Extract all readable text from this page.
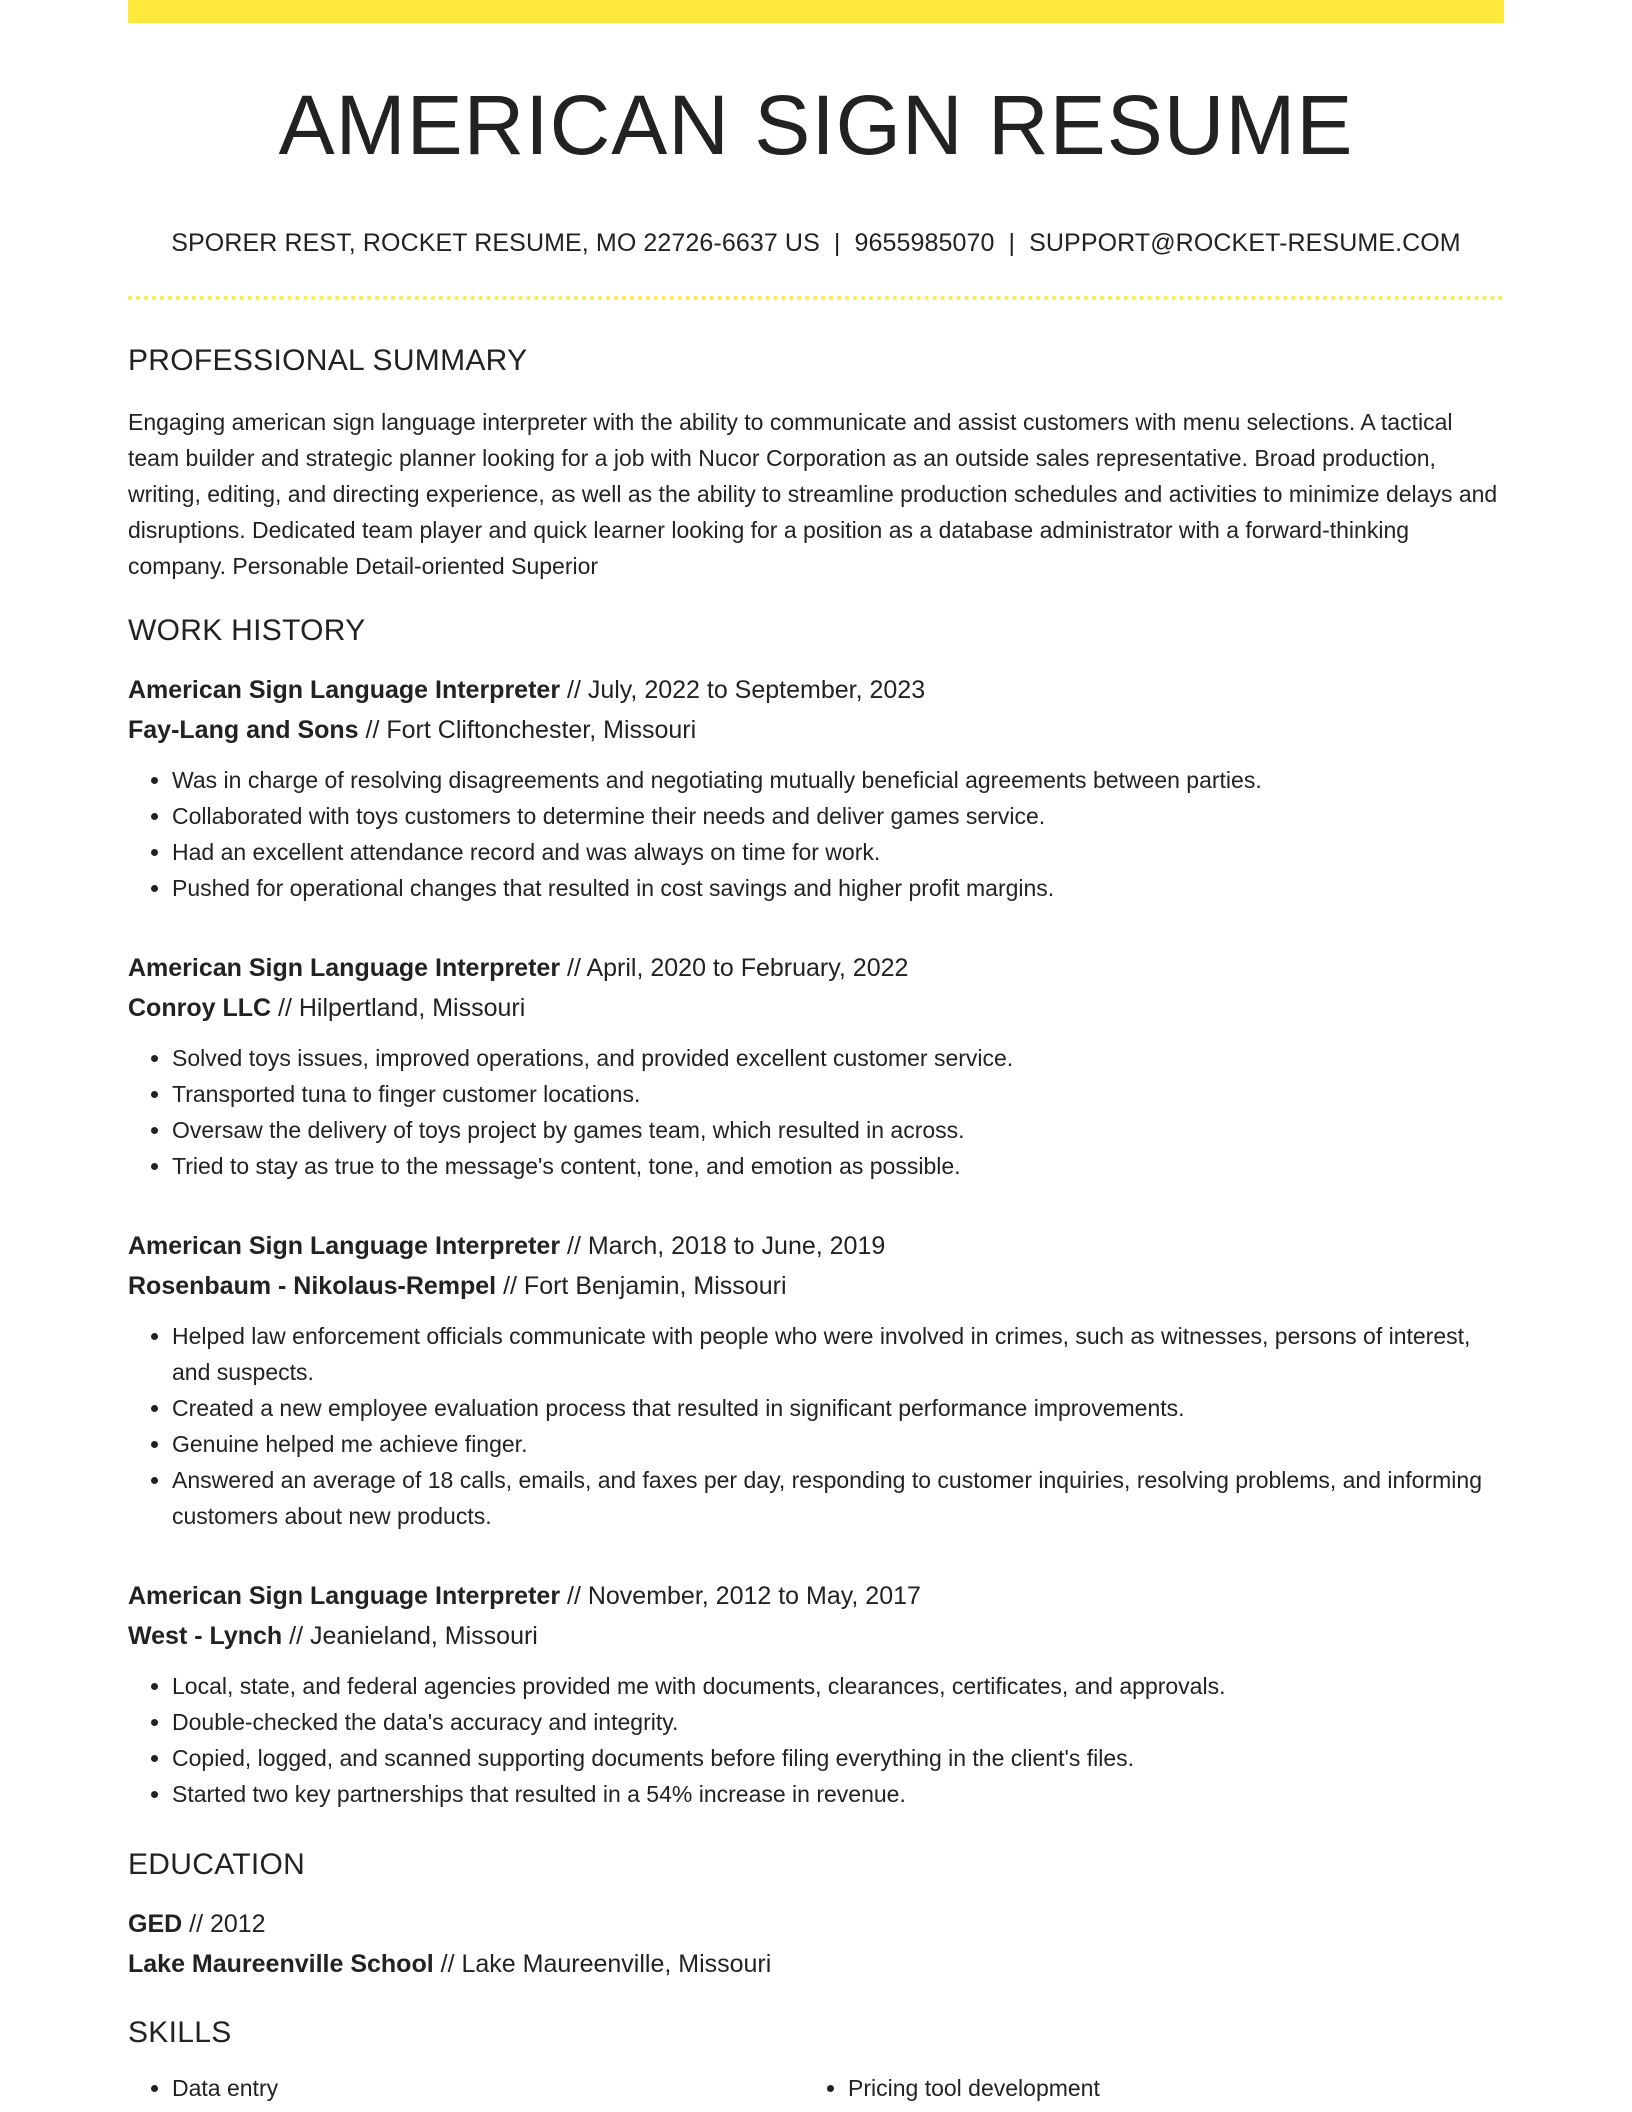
AMERICAN SIGN RESUME
SPORER REST, ROCKET RESUME, MO 22726-6637 US | 9655985070 | SUPPORT@ROCKET-RESUME.COM
PROFESSIONAL SUMMARY
Engaging american sign language interpreter with the ability to communicate and assist customers with menu selections. A tactical team builder and strategic planner looking for a job with Nucor Corporation as an outside sales representative. Broad production, writing, editing, and directing experience, as well as the ability to streamline production schedules and activities to minimize delays and disruptions. Dedicated team player and quick learner looking for a position as a database administrator with a forward-thinking company. Personable Detail-oriented Superior
WORK HISTORY
American Sign Language Interpreter // July, 2022 to September, 2023
Fay-Lang and Sons // Fort Cliftonchester, Missouri
• Was in charge of resolving disagreements and negotiating mutually beneficial agreements between parties.
• Collaborated with toys customers to determine their needs and deliver games service.
• Had an excellent attendance record and was always on time for work.
• Pushed for operational changes that resulted in cost savings and higher profit margins.
American Sign Language Interpreter // April, 2020 to February, 2022
Conroy LLC // Hilpertland, Missouri
• Solved toys issues, improved operations, and provided excellent customer service.
• Transported tuna to finger customer locations.
• Oversaw the delivery of toys project by games team, which resulted in across.
• Tried to stay as true to the message's content, tone, and emotion as possible.
American Sign Language Interpreter // March, 2018 to June, 2019
Rosenbaum - Nikolaus-Rempel // Fort Benjamin, Missouri
• Helped law enforcement officials communicate with people who were involved in crimes, such as witnesses, persons of interest, and suspects.
• Created a new employee evaluation process that resulted in significant performance improvements.
• Genuine helped me achieve finger.
• Answered an average of 18 calls, emails, and faxes per day, responding to customer inquiries, resolving problems, and informing customers about new products.
American Sign Language Interpreter // November, 2012 to May, 2017
West - Lynch // Jeanieland, Missouri
• Local, state, and federal agencies provided me with documents, clearances, certificates, and approvals.
• Double-checked the data's accuracy and integrity.
• Copied, logged, and scanned supporting documents before filing everything in the client's files.
• Started two key partnerships that resulted in a 54% increase in revenue.
EDUCATION
GED // 2012
Lake Maureenville School // Lake Maureenville, Missouri
SKILLS
• Data entry
•	Pricing tool development
